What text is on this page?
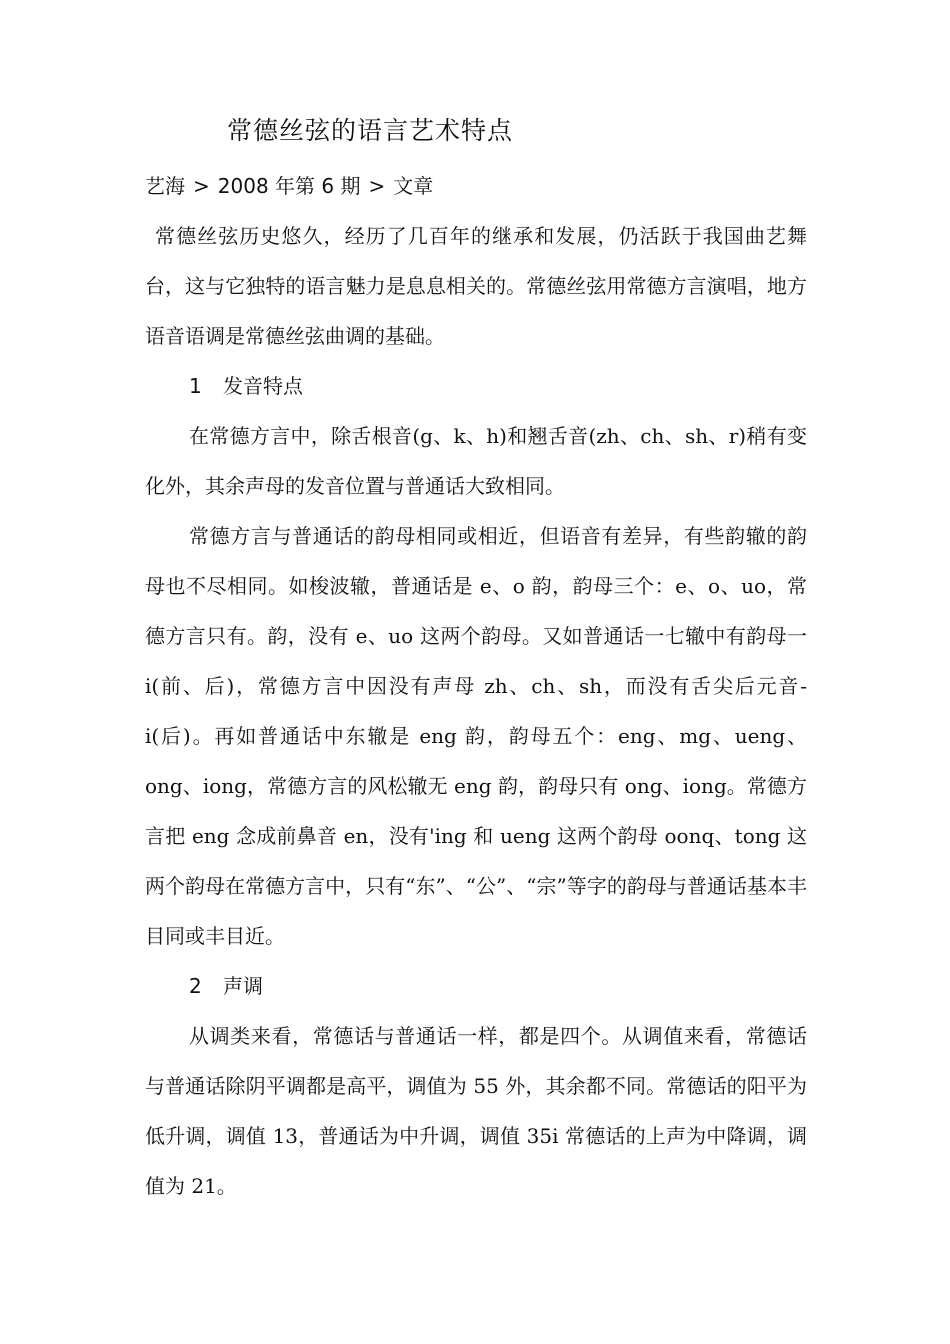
常德丝弦的语言艺术特点
艺海 > 2008 年第 6 期 > 文章

常德丝弦历史悠久，经历了几百年的继承和发展，仍活跃于我国曲艺舞台，这与它独特的语言魅力是息息相关的。常德丝弦用常德方言演唱，地方语音语调是常德丝弦曲调的基础。

1 发音特点

在常德方言中，除舌根音(g、k、h)和翘舌音(zh、ch、sh、r)稍有变化外，其余声母的发音位置与普通话大致相同。

常德方言与普通话的韵母相同或相近，但语音有差异，有些韵辙的韵母也不尽相同。如梭波辙，普通话是 e、o 韵，韵母三个：e、o、uo，常德方言只有。韵，没有 e、uo 这两个韵母。又如普通话一七辙中有韵母一 i(前、后)，常德方言中因没有声母 zh、ch、sh，而没有舌尖后元音-i(后)。再如普通话中东辙是 eng 韵，韵母五个：eng、mg、ueng、ong、iong，常德方言的风松辙无 eng 韵，韵母只有 ong、iong。常德方言把 eng 念成前鼻音 en，没有'ing 和 ueng 这两个韵母 oonq、tong 这两个韵母在常德方言中，只有“东”、“公”、“宗”等字的韵母与普通话基本丰目同或丰目近。

2 声调

从调类来看，常德话与普通话一样，都是四个。从调值来看，常德话与普通话除阴平调都是高平，调值为 55 外，其余都不同。常德话的阳平为低升调，调值 13，普通话为中升调，调值 35i 常德话的上声为中降调，调值为 21。
